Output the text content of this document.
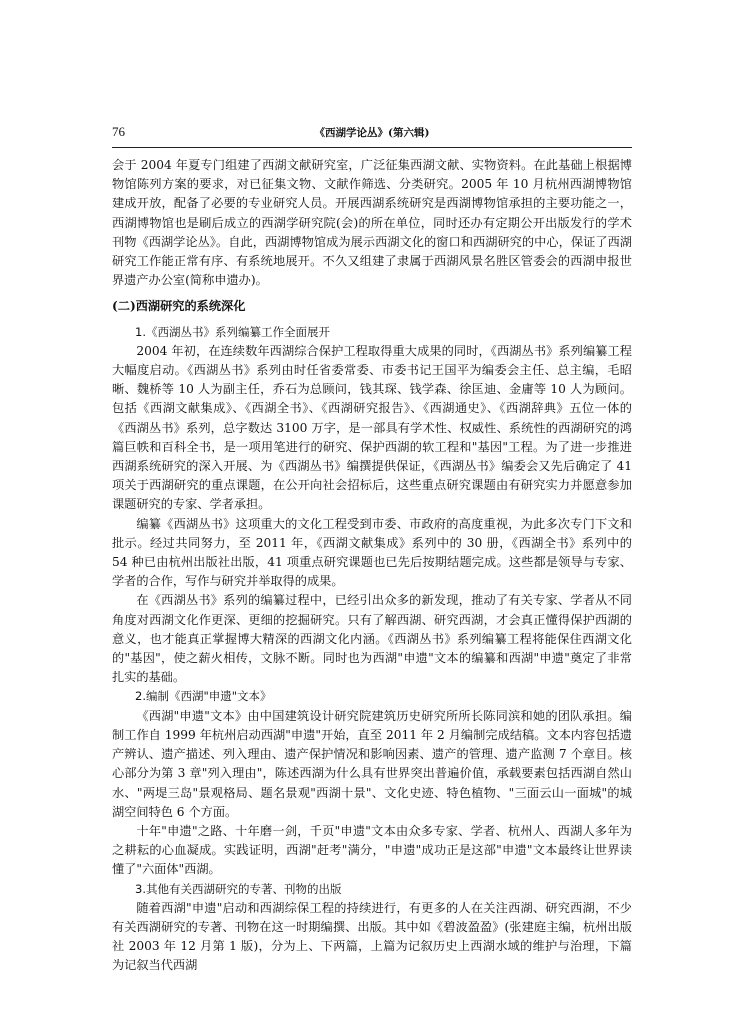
76	《西湖学论丛》(第六辑)

会于 2004 年夏专门组建了西湖文献研究室，广泛征集西湖文献、实物资料。在此基础上根据博物馆陈列方案的要求，对已征集文物、文献作筛选、分类研究。2005 年 10 月杭州西湖博物馆建成开放，配备了必要的专业研究人员。开展西湖系统研究是西湖博物馆承担的主要功能之一，西湖博物馆也是刷后成立的西湖学研究院(会)的所在单位，同时还办有定期公开出版发行的学术刊物《西湖学论丛》。自此，西湖博物馆成为展示西湖文化的窗口和西湖研究的中心，保证了西湖研究工作能正常有序、有系统地展开。不久又组建了隶属于西湖风景名胜区管委会的西湖申报世界遗产办公室(简称申遗办)。

(二)西湖研究的系统深化
1.《西湖丛书》系列编纂工作全面展开

2004 年初，在连续数年西湖综合保护工程取得重大成果的同时，《西湖丛书》系列编纂工程大幅度启动。《西湖丛书》系列由时任省委常委、市委书记王国平为编委会主任、总主编，毛昭晰、魏桥等 10 人为副主任，乔石为总顾问，钱其琛、钱学森、徐匡迪、金庸等 10 人为顾问。包括《西湖文献集成》、《西湖全书》、《西湖研究报告》、《西湖通史》、《西湖辞典》五位一体的《西湖丛书》系列，总字数达 3100 万字，是一部具有学术性、权威性、系统性的西湖研究的鸿篇巨帙和百科全书，是一项用笔进行的研究、保护西湖的软工程和"基因"工程。为了进一步推进西湖系统研究的深入开展、为《西湖丛书》编撰提供保证，《西湖丛书》编委会又先后确定了 41 项关于西湖研究的重点课题，在公开向社会招标后，这些重点研究课题由有研究实力并愿意参加课题研究的专家、学者承担。

编纂《西湖丛书》这项重大的文化工程受到市委、市政府的高度重视，为此多次专门下文和批示。经过共同努力，至 2011 年，《西湖文献集成》系列中的 30 册，《西湖全书》系列中的 54 种已由杭州出版社出版，41 项重点研究课题也已先后按期结题完成。这些都是领导与专家、学者的合作，写作与研究并举取得的成果。

在《西湖丛书》系列的编纂过程中，已经引出众多的新发现，推动了有关专家、学者从不同角度对西湖文化作更深、更细的挖掘研究。只有了解西湖、研究西湖，才会真正懂得保护西湖的意义，也才能真正掌握博大精深的西湖文化内涵。《西湖丛书》系列编纂工程将能保住西湖文化的"基因"，使之薪火相传，文脉不断。同时也为西湖"申遗"文本的编纂和西湖"申遗"奠定了非常扎实的基础。

2.编制《西湖"申遗"文本》

《西湖"申遗"文本》由中国建筑设计研究院建筑历史研究所所长陈同滨和她的团队承担。编制工作自 1999 年杭州启动西湖"申遗"开始，直至 2011 年 2 月编制完成结稿。文本内容包括遗产辨认、遗产描述、列入理由、遗产保护情况和影响因素、遗产的管理、遗产监测 7 个章目。核心部分为第 3 章"列入理由"，陈述西湖为什么具有世界突出普遍价值，承载要素包括西湖自然山水、"两堤三岛"景观格局、题名景观"西湖十景"、文化史迹、特色植物、"三面云山一面城"的城湖空间特色 6 个方面。

十年"申遗"之路、十年磨一剑，千页"申遗"文本由众多专家、学者、杭州人、西湖人多年为之耕耘的心血凝成。实践证明，西湖"赶考"满分，"申遗"成功正是这部"申遗"文本最终让世界读懂了"六面体"西湖。

3.其他有关西湖研究的专著、刊物的出版

随着西湖"申遗"启动和西湖综保工程的持续进行，有更多的人在关注西湖、研究西湖，不少有关西湖研究的专著、刊物在这一时期编撰、出版。其中如《碧波盈盈》(张建庭主编，杭州出版社 2003 年 12 月第 1 版)，分为上、下两篇，上篇为记叙历史上西湖水域的维护与治理，下篇为记叙当代西湖
